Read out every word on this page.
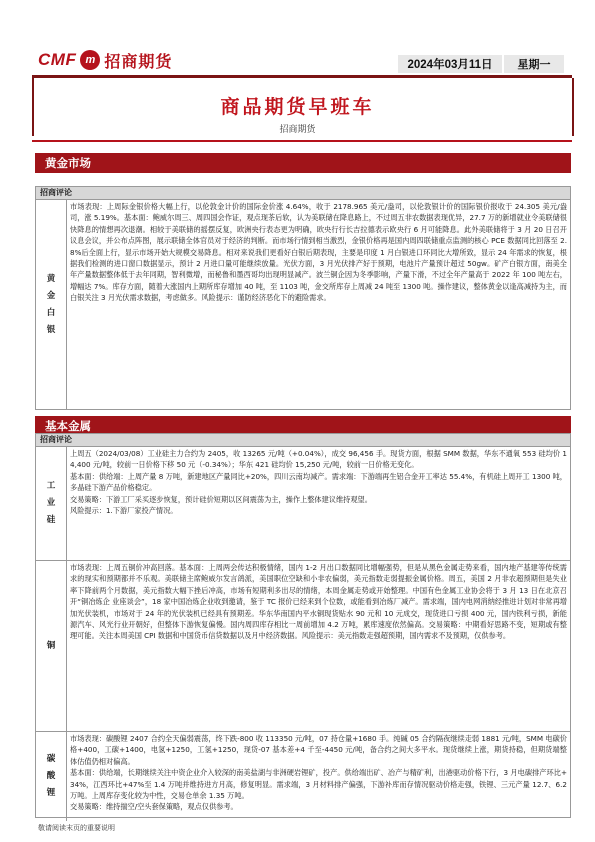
CMF m 招商期货	2024年03月11日	星期一
商品期货早班车
招商期货
黄金市场
招商评论
黄金白银

市场表现：上周际金银价格大幅上行，以伦敦金计价的国际金价涨 4.64%，收于 2178.965 美元/盎司，以伦敦银计价的国际银价报收于 24.305 美元/盎司，涨 5.19%。基本面：鲍威尔周三、周四国会作证，观点现茶后软，认为美联储在降息路上，不过周五非农数据表现优异，27.7 万的新增就业令美联储很快降息的情想再次退潮。相较于美联储的摇摆反复，欧洲央行表态更为明确，欧央行行长吉拉德表示欧央行 6 月可能降息。此外美联储将于 3 月 20 日召开议息会议，并公布点阵图，展示联储全体官员对于经济的判断。而市场行情到相当激烈，金银价格再是国内周四联储重点监测的核心 PCE 数据同比回落至 2.8%后全面上行，显示市场开始大规模交易降息。相对来说我们更看好白银后期表现，主要是印度 1 月白银进口环同比大增所致，显示 24 年需求的恢复，根据我们检测的进口窗口数据显示，预计 2 月进口量可能继续放量。光伏方面，3 月光伏排产好于预期，电池片产量预计超过 50gw。矿产白银方面，南美全年产量数据整体低于去年同期，智利微增，而秘鲁和墨西哥均出现明显减产。波兰铜企因为冬季影响，产量下滑，不过全年产量高于 2022 年 100 吨左右，增幅达 7%。库存方面，随着大涨国内上期所库存增加 40 吨，至 1103 吨，金交所库存上周减 24 吨至 1300 吨。操作建议，整体黄金以逢高减持为主，而白银关注 3 月光伏需求数据，考虑做多。风险提示：谨防经济恶化下的避险需求。

基本金属
招商评论
工业硅

上周五（2024/03/08）工业硅主力合约为 2405，收 13265 元/吨（+0.04%），成交 96,456 手。现货方面，根据 SMM 数据，华东不通氧 553 硅均价 14,400 元/吨，较前一日价格下移 50 元（-0.34%）；华东 421 硅均价 15,250 元/吨，较前一日价格无变化。

基本面：供给端：上周产量 8 万吨，新建地区产量同比+20%，四川云南均减产。需求端：下游端再生铝合金开工率达 55.4%，有机硅上周开工 1300 吨，多晶硅下游产品价格稳定。

交易策略：下游工厂采买逐步恢复，预计硅价短期以区间震荡为主，操作上整体建议维持观望。

风险提示：1.下游厂家投产情况。

铜

市场表现：上周五铜价冲高回落。基本面：上周两会传达积极情绪，国内 1-2 月出口数据同比增幅强势，但是从黑色金属走势来看，国内地产基建等传统需求的现实和预期都并不乐观。美联储主席鲍威尔发言鸽派，美国职位空缺和小非农偏弱，美元指数走弱提振金属价格。周五，美国 2 月非农超预期但是失业率下降前两个月数据，美元指数大幅下挫后冲高，市场有短期利多出尽的情绪，本周金属走势或开始整理。中国有色金属工业协会将于 3 月 13 日在北京召开“铜冶炼企 业座谈会”，18 家中国冶炼企业收到邀请，鉴于 TC 报价已经来到个位数，或能看到冶炼厂减产。需求端，国内电网消纳经推进计划对非常再增加光伏装机，市场对于 24 年的光伏装机已经具有预期差。华东华南国内平水铜现货贴水 90 元和 10 元成交，现货进口亏损 400 元，国内铁利亏损，新能源汽车、风光行业开朝好，但整体下游恢复偏慢。国内周四库存相比一周前增加 4.2 万吨，累库速度依然偏高。交易策略：中期看好思路不变，短期或有整理可能。关注本周美国 CPI 数据和中国货币信贷数据以及月中经济数据。风险提示：美元指数走强超预期，国内需求不及预期，仅供参考。

碳酸锂

市场表现：碳酸锂 2407 合约全天偏弱震荡，终下跌-800 收 113350 元/吨，07 持仓量+1680 手。纯碱 05 合约隔夜继续走弱 1881 元/吨，SMM 电碳价格+400，工碳+1400，电氢+1250，工氢+1250，现货-07 基本差+4 千至-4450 元/吨，备合约之间大多平水。现货继续上涨，期货持稳，但期货端整体估值仍相对偏高。

基本面：供给端，长期继续关注中资企业介入较深的南美盐湖与非洲硬岩锂矿，投产。供给端出矿、冶产与精矿利，出港驱动价格下行，3 月电碳排产环比+34%，江西环比+47%至 1.4 万吨并维持进方月高，修复明显。需求端，3 月材料排产偏强，下游补库而存情况驱动价格走强，铁锂、三元产量 12.7、6.2 万吨。上周库存变化较为中性，交易仓单余 1.35 万吨。

交易策略：维持揣空/空头套保策略，观点仅供参考。

敬请阅读末页的重要说明
